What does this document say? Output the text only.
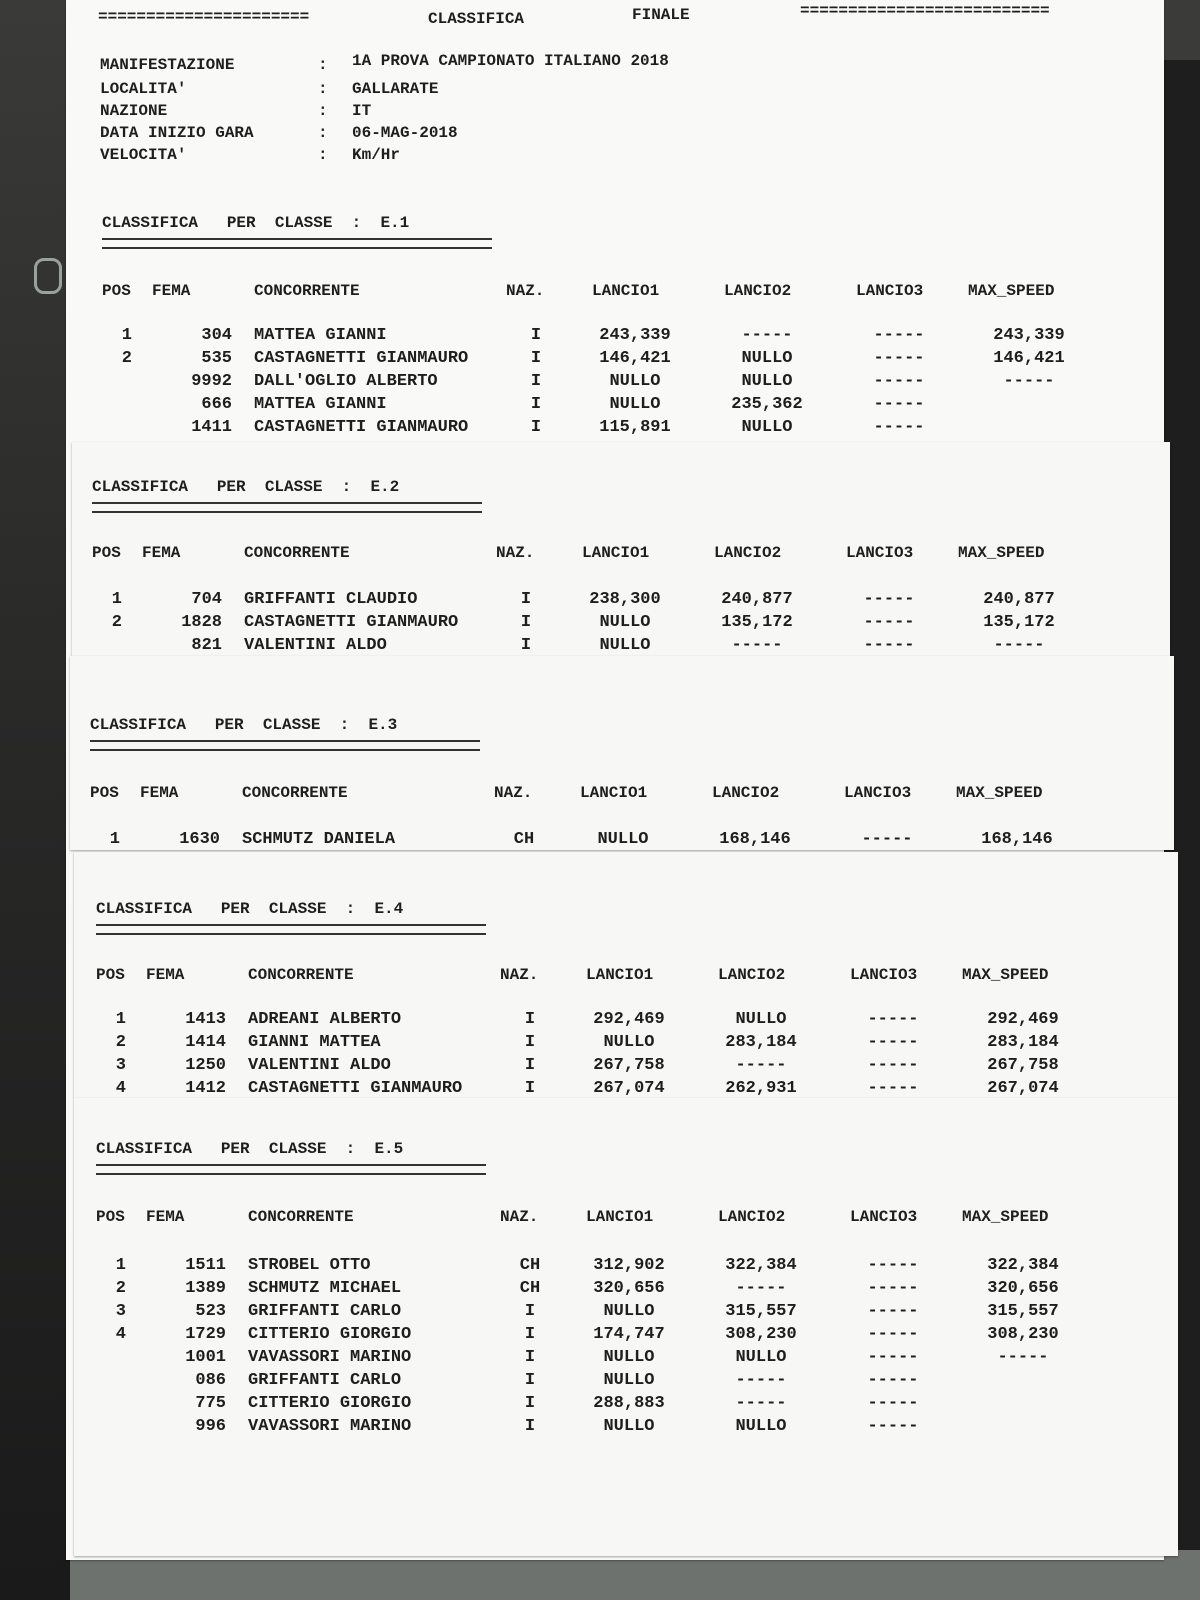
======================	CLASSIFICA	FINALE	==========================
MANIFESTAZIONE	: 1A PROVA CAMPIONATO ITALIANO 2018
LOCALITA'	: GALLARATE
NAZIONE	: IT
DATA INIZIO GARA	: 06-MAG-2018
VELOCITA'	: Km/Hr
CLASSIFICA   PER  CLASSE  :  E.1
POS FEMA	CONCORRENTE	NAZ.	LANCIO1	LANCIO2	LANCIO3	MAX_SPEED
1	304 MATTEA GIANNI	I	243,339	-----	-----	243,339
2	535 CASTAGNETTI GIANMAURO	I	146,421	NULLO	-----	146,421
9992 DALL'OGLIO ALBERTO	I	NULLO	NULLO	-----	-----
666 MATTEA GIANNI	I	NULLO	235,362	-----
1411 CASTAGNETTI GIANMAURO	I	115,891	NULLO	-----
CLASSIFICA   PER  CLASSE  :  E.2
POS FEMA	CONCORRENTE	NAZ.	LANCIO1	LANCIO2	LANCIO3	MAX_SPEED
1	704 GRIFFANTI CLAUDIO	I	238,300	240,877	-----	240,877
2	1828 CASTAGNETTI GIANMAURO	I	NULLO	135,172	-----	135,172
821 VALENTINI ALDO	I	NULLO	-----	-----	-----
CLASSIFICA   PER  CLASSE  :  E.3
POS FEMA	CONCORRENTE	NAZ.	LANCIO1	LANCIO2	LANCIO3	MAX_SPEED
1	1630 SCHMUTZ DANIELA	CH	NULLO	168,146	-----	168,146
CLASSIFICA   PER  CLASSE  :  E.4
POS FEMA	CONCORRENTE	NAZ.	LANCIO1	LANCIO2	LANCIO3	MAX_SPEED
1	1413 ADREANI ALBERTO	I	292,469	NULLO	-----	292,469
2	1414 GIANNI MATTEA	I	NULLO	283,184	-----	283,184
3	1250 VALENTINI ALDO	I	267,758	-----	-----	267,758
4	1412 CASTAGNETTI GIANMAURO	I	267,074	262,931	-----	267,074
CLASSIFICA   PER  CLASSE  :  E.5
POS FEMA	CONCORRENTE	NAZ.	LANCIO1	LANCIO2	LANCIO3	MAX_SPEED
1	1511 STROBEL OTTO	CH	312,902	322,384	-----	322,384
2	1389 SCHMUTZ MICHAEL	CH	320,656	-----	-----	320,656
3	523 GRIFFANTI CARLO	I	NULLO	315,557	-----	315,557
4	1729 CITTERIO GIORGIO	I	174,747	308,230	-----	308,230
1001 VAVASSORI MARINO	I	NULLO	NULLO	-----	-----
086 GRIFFANTI CARLO	I	NULLO	-----	-----
775 CITTERIO GIORGIO	I	288,883	-----	-----
996 VAVASSORI MARINO	I	NULLO	NULLO	-----
